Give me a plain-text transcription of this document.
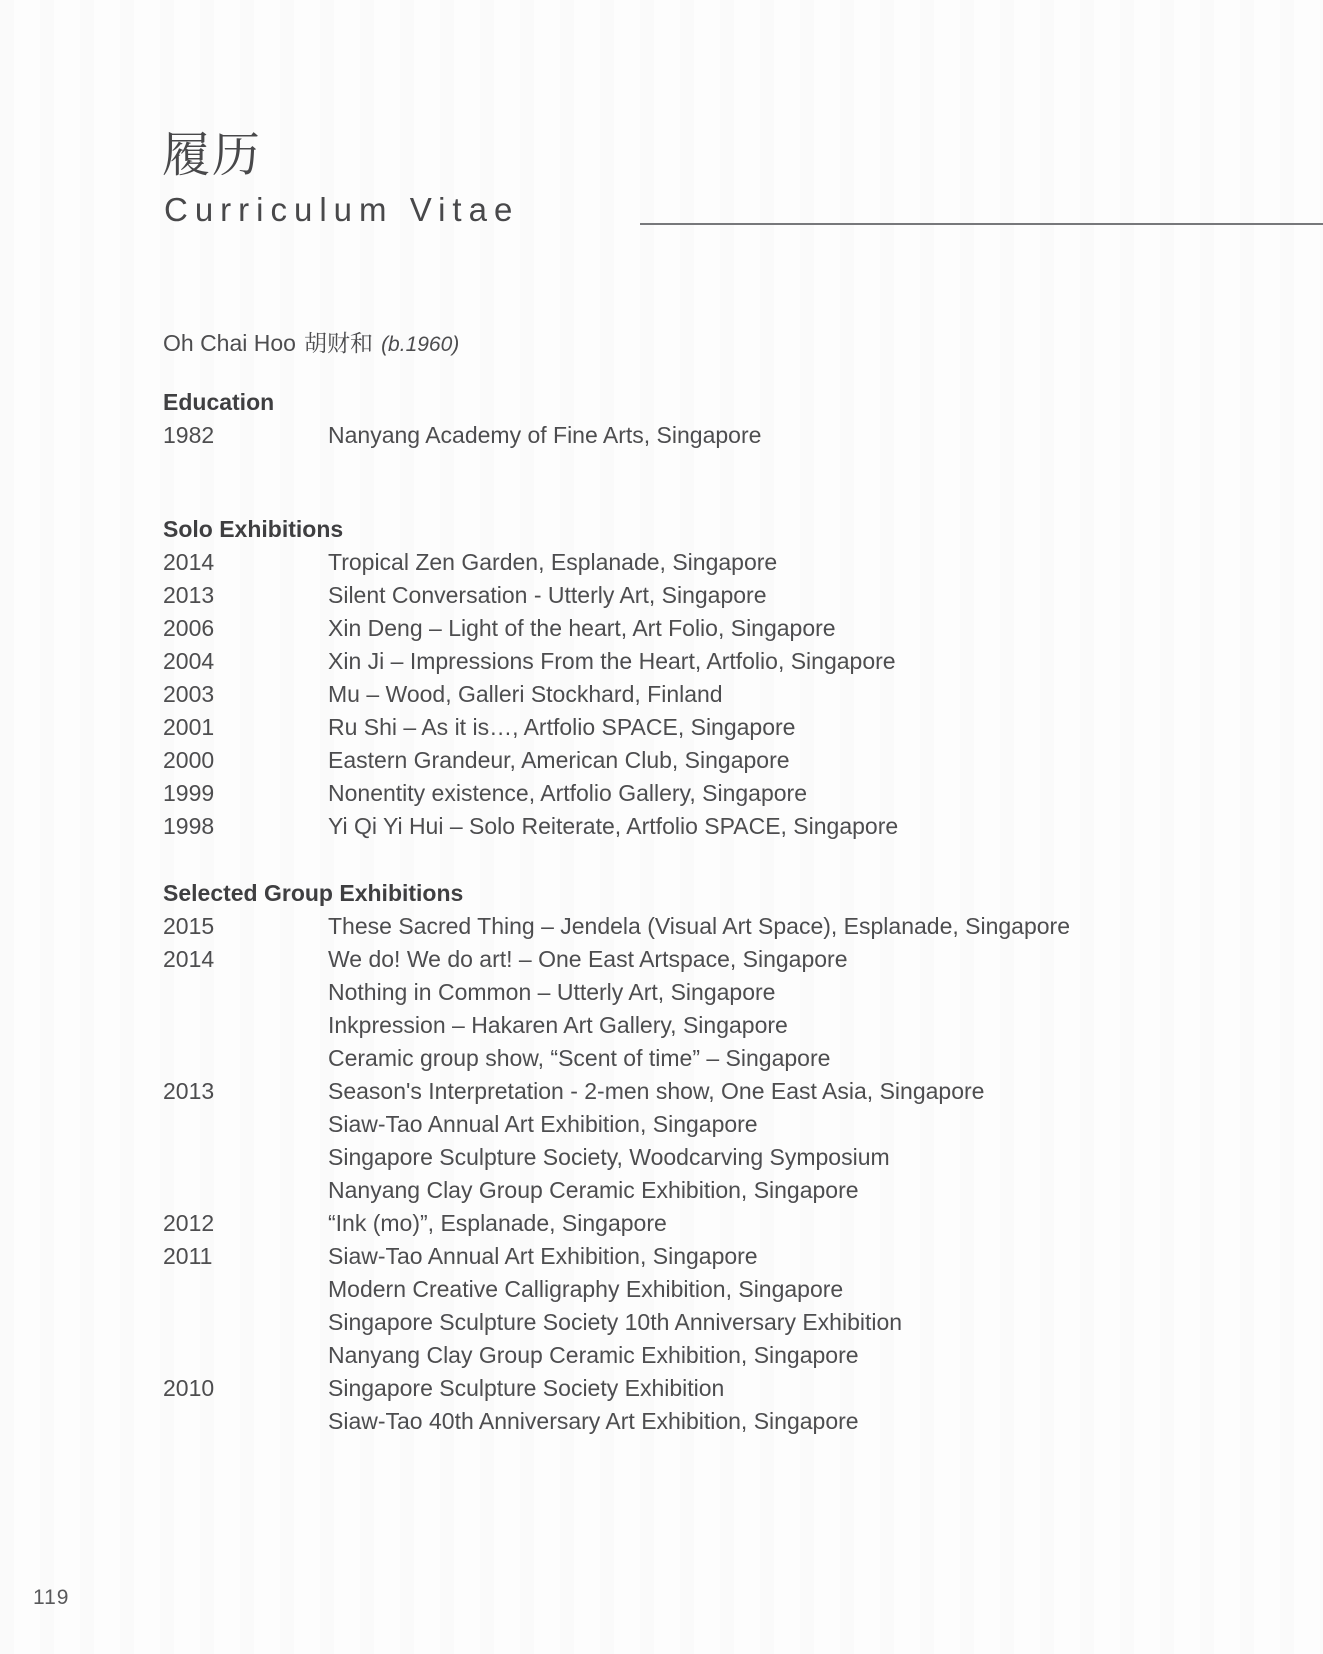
履历
Curriculum Vitae
Oh Chai Hoo 胡财和 (b.1960)
Education
1982	Nanyang Academy of Fine Arts, Singapore
Solo Exhibitions
2014	Tropical Zen Garden, Esplanade, Singapore
2013	Silent Conversation - Utterly Art, Singapore
2006	Xin Deng – Light of the heart, Art Folio, Singapore
2004	Xin Ji – Impressions From the Heart, Artfolio, Singapore
2003	Mu – Wood, Galleri Stockhard, Finland
2001	Ru Shi – As it is…, Artfolio SPACE, Singapore
2000	Eastern Grandeur, American Club, Singapore
1999	Nonentity existence, Artfolio Gallery, Singapore
1998	Yi Qi Yi Hui – Solo Reiterate, Artfolio SPACE, Singapore
Selected Group Exhibitions
2015	These Sacred Thing – Jendela (Visual Art Space), Esplanade, Singapore
2014	We do! We do art! – One East Artspace, Singapore
Nothing in Common – Utterly Art, Singapore
Inkpression – Hakaren Art Gallery, Singapore
Ceramic group show, “Scent of time” – Singapore
2013	Season's Interpretation - 2-men show, One East Asia, Singapore
Siaw-Tao Annual Art Exhibition, Singapore
Singapore Sculpture Society, Woodcarving Symposium
Nanyang Clay Group Ceramic Exhibition, Singapore
2012	“Ink (mo)”, Esplanade, Singapore
2011	Siaw-Tao Annual Art Exhibition, Singapore
Modern Creative Calligraphy Exhibition, Singapore
Singapore Sculpture Society 10th Anniversary Exhibition
Nanyang Clay Group Ceramic Exhibition, Singapore
2010	Singapore Sculpture Society Exhibition
Siaw-Tao 40th Anniversary Art Exhibition, Singapore
119
